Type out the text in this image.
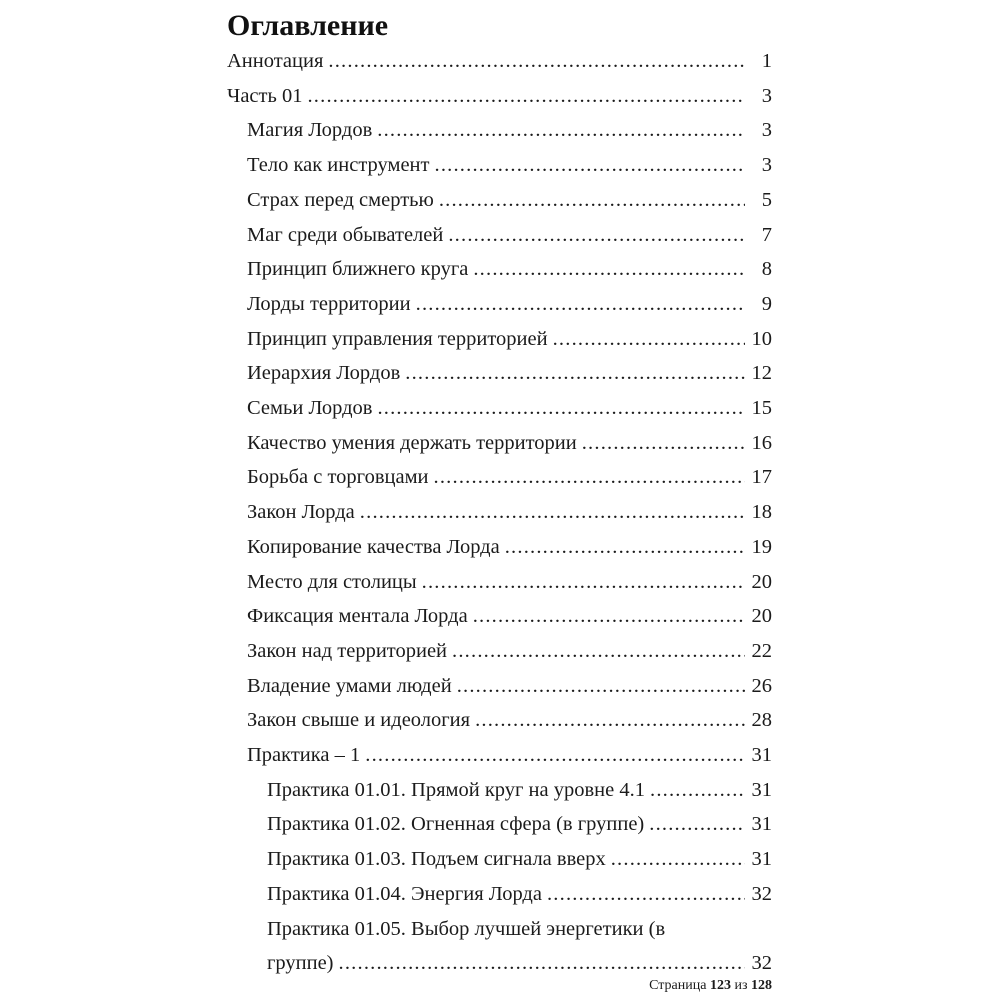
Оглавление
Аннотация .....	1
Часть 01 .....	3
Магия Лордов .....	3
Тело как инструмент .....	3
Страх перед смертью .....	5
Маг среди обывателей .....	7
Принцип ближнего круга .....	8
Лорды территории .....	9
Принцип управления территорией .....	10
Иерархия Лордов .....	12
Семьи Лордов .....	15
Качество умения держать территории .....	16
Борьба с торговцами .....	17
Закон Лорда .....	18
Копирование качества Лорда .....	19
Место для столицы .....	20
Фиксация ментала Лорда .....	20
Закон над территорией .....	22
Владение умами людей .....	26
Закон свыше и идеология .....	28
Практика – 1 .....	31
Практика 01.01. Прямой круг на уровне 4.1 .....	31
Практика 01.02. Огненная сфера (в группе) .....	31
Практика 01.03. Подъем сигнала вверх .....	31
Практика 01.04. Энергия Лорда .....	32
Практика 01.05. Выбор лучшей энергетики (в
группе) .....	32
Страница 123 из 128
